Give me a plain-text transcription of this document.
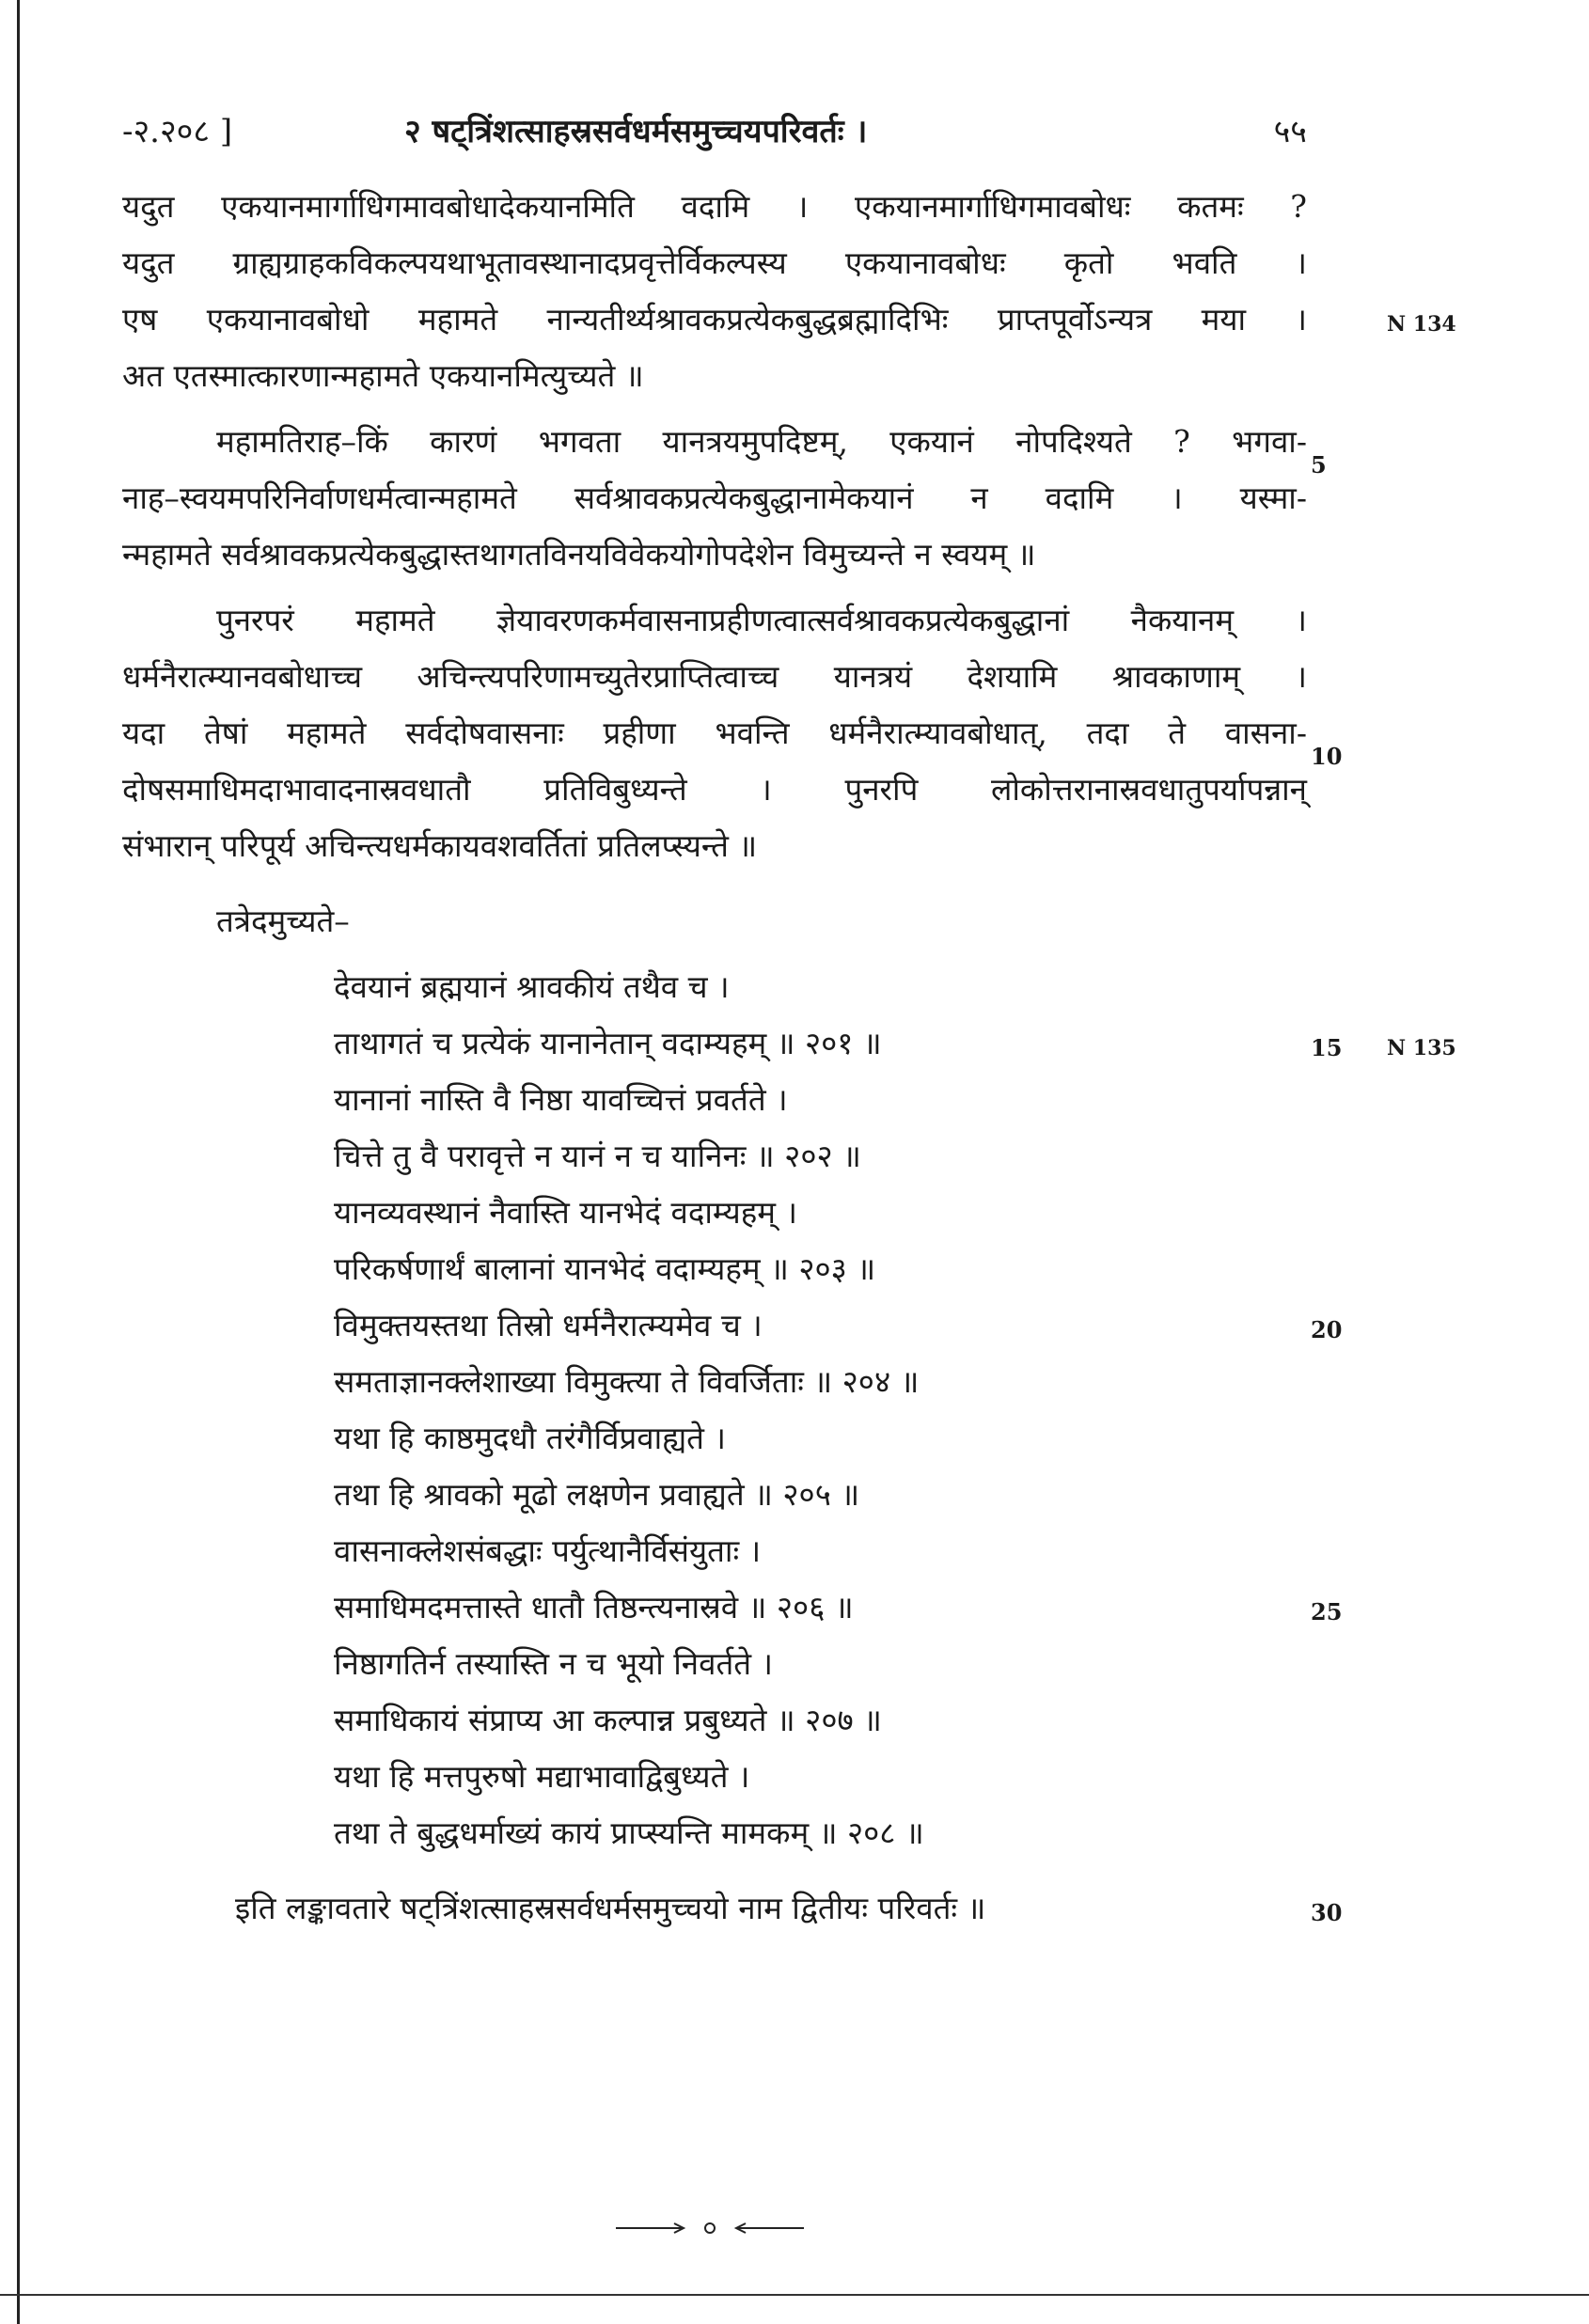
-२.२०८ ]	२ षट्त्रिंशत्साहस्रसर्वधर्मसमुच्चयपरिवर्तः ।	५५
यदुत एकयानमार्गाधिगमावबोधादेकयानमिति वदामि । एकयानमार्गाधिगमावबोधः कतमः ?
यदुत ग्राह्यग्राहकविकल्पयथाभूतावस्थानादप्रवृत्तेर्विकल्पस्य एकयानावबोधः कृतो भवति ।
एष एकयानावबोधो महामते नान्यतीर्थ्यश्रावकप्रत्येकबुद्धब्रह्मादिभिः प्राप्तपूर्वोऽन्यत्र मया ।
अत एतस्मात्कारणान्महामते एकयानमित्युच्यते ॥
महामतिराह–किं कारणं भगवता यानत्रयमुपदिष्टम्, एकयानं नोपदिश्यते ? भगवा-
नाह–स्वयमपरिनिर्वाणधर्मत्वान्महामते सर्वश्रावकप्रत्येकबुद्धानामेकयानं न वदामि । यस्मा-
न्महामते सर्वश्रावकप्रत्येकबुद्धास्तथागतविनयविवेकयोगोपदेशेन विमुच्यन्ते न स्वयम् ॥
पुनरपरं महामते ज्ञेयावरणकर्मवासनाप्रहीणत्वात्सर्वश्रावकप्रत्येकबुद्धानां नैकयानम् ।
धर्मनैरात्म्यानवबोधाच्च अचिन्त्यपरिणामच्युतेरप्राप्तित्वाच्च यानत्रयं देशयामि श्रावकाणाम् ।
यदा तेषां महामते सर्वदोषवासनाः प्रहीणा भवन्ति धर्मनैरात्म्यावबोधात्, तदा ते वासना-
दोषसमाधिमदाभावादनास्रवधातौ प्रतिविबुध्यन्ते । पुनरपि लोकोत्तरानास्रवधातुपर्यापन्नान्
संभारान् परिपूर्य अचिन्त्यधर्मकायवशवर्तितां प्रतिलप्स्यन्ते ॥
तत्रेदमुच्यते–
देवयानं ब्रह्मयानं श्रावकीयं तथैव च ।
ताथागतं च प्रत्येकं यानानेतान् वदाम्यहम् ॥ २०१ ॥
यानानां नास्ति वै निष्ठा यावच्चित्तं प्रवर्तते ।
चित्ते तु वै परावृत्ते न यानं न च यानिनः ॥ २०२ ॥
यानव्यवस्थानं नैवास्ति यानभेदं वदाम्यहम् ।
परिकर्षणार्थं बालानां यानभेदं वदाम्यहम् ॥ २०३ ॥
विमुक्तयस्तथा तिस्रो धर्मनैरात्म्यमेव च ।
समताज्ञानक्लेशाख्या विमुक्त्या ते विवर्जिताः ॥ २०४ ॥
यथा हि काष्ठमुदधौ तरंगैर्विप्रवाह्यते ।
तथा हि श्रावको मूढो लक्षणेन प्रवाह्यते ॥ २०५ ॥
वासनाक्लेशसंबद्धाः पर्युत्थानैर्विसंयुताः ।
समाधिमदमत्तास्ते धातौ तिष्ठन्त्यनास्रवे ॥ २०६ ॥
निष्ठागतिर्न तस्यास्ति न च भूयो निवर्तते ।
समाधिकायं संप्राप्य आ कल्पान्न प्रबुध्यते ॥ २०७ ॥
यथा हि मत्तपुरुषो मद्याभावाद्विबुध्यते ।
तथा ते बुद्धधर्माख्यं कायं प्राप्स्यन्ति मामकम् ॥ २०८ ॥
इति लङ्कावतारे षट्त्रिंशत्साहस्रसर्वधर्मसमुच्चयो नाम द्वितीयः परिवर्तः ॥
5
10
15
20
25
30
N 134
N 135
